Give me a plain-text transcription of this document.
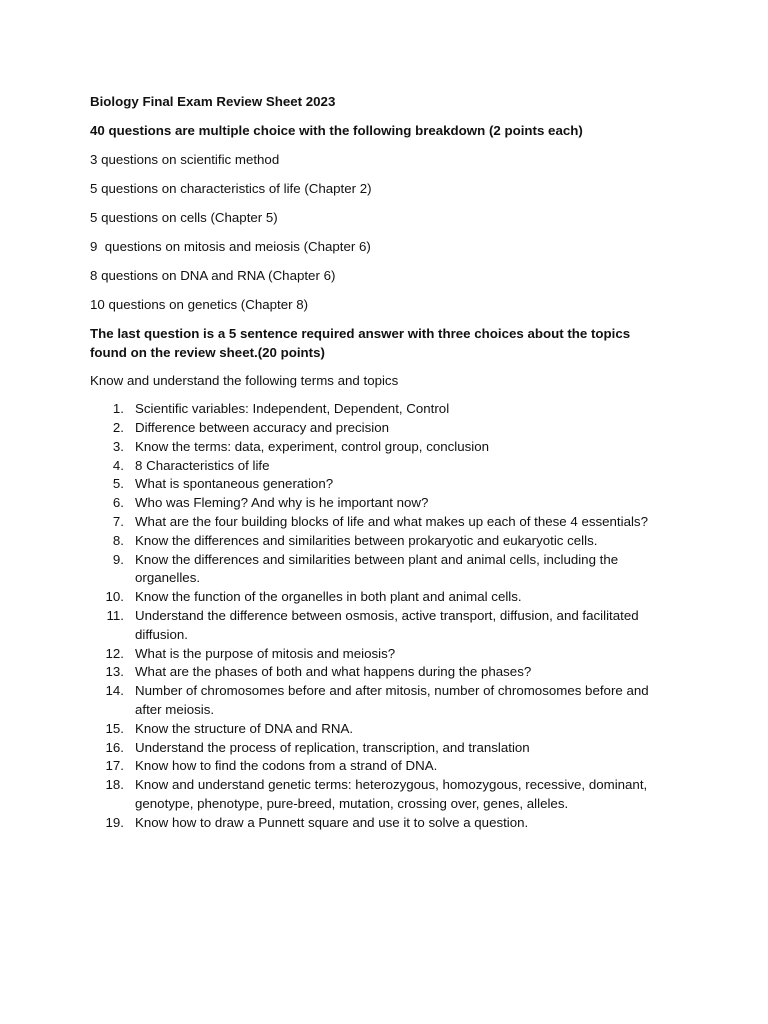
Biology Final Exam Review Sheet 2023
40 questions are multiple choice with the following breakdown (2 points each)
3 questions on scientific method
5 questions on characteristics of life (Chapter 2)
5 questions on cells (Chapter 5)
9  questions on mitosis and meiosis (Chapter 6)
8 questions on DNA and RNA (Chapter 6)
10 questions on genetics (Chapter 8)
The last question is a 5 sentence required answer with three choices about the topics found on the review sheet.(20 points)
Know and understand the following terms and topics
1. Scientific variables: Independent, Dependent, Control
2. Difference between accuracy and precision
3. Know the terms: data, experiment, control group, conclusion
4. 8 Characteristics of life
5. What is spontaneous generation?
6. Who was Fleming? And why is he important now?
7. What are the four building blocks of life and what makes up each of these 4 essentials?
8. Know the differences and similarities between prokaryotic and eukaryotic cells.
9. Know the differences and similarities between plant and animal cells, including the organelles.
10. Know the function of the organelles in both plant and animal cells.
11. Understand the difference between osmosis, active transport, diffusion, and facilitated diffusion.
12. What is the purpose of mitosis and meiosis?
13. What are the phases of both and what happens during the phases?
14. Number of chromosomes before and after mitosis, number of chromosomes before and after meiosis.
15. Know the structure of DNA and RNA.
16. Understand the process of replication, transcription, and translation
17. Know how to find the codons from a strand of DNA.
18. Know and understand genetic terms: heterozygous, homozygous, recessive, dominant, genotype, phenotype, pure-breed, mutation, crossing over, genes, alleles.
19. Know how to draw a Punnett square and use it to solve a question.
